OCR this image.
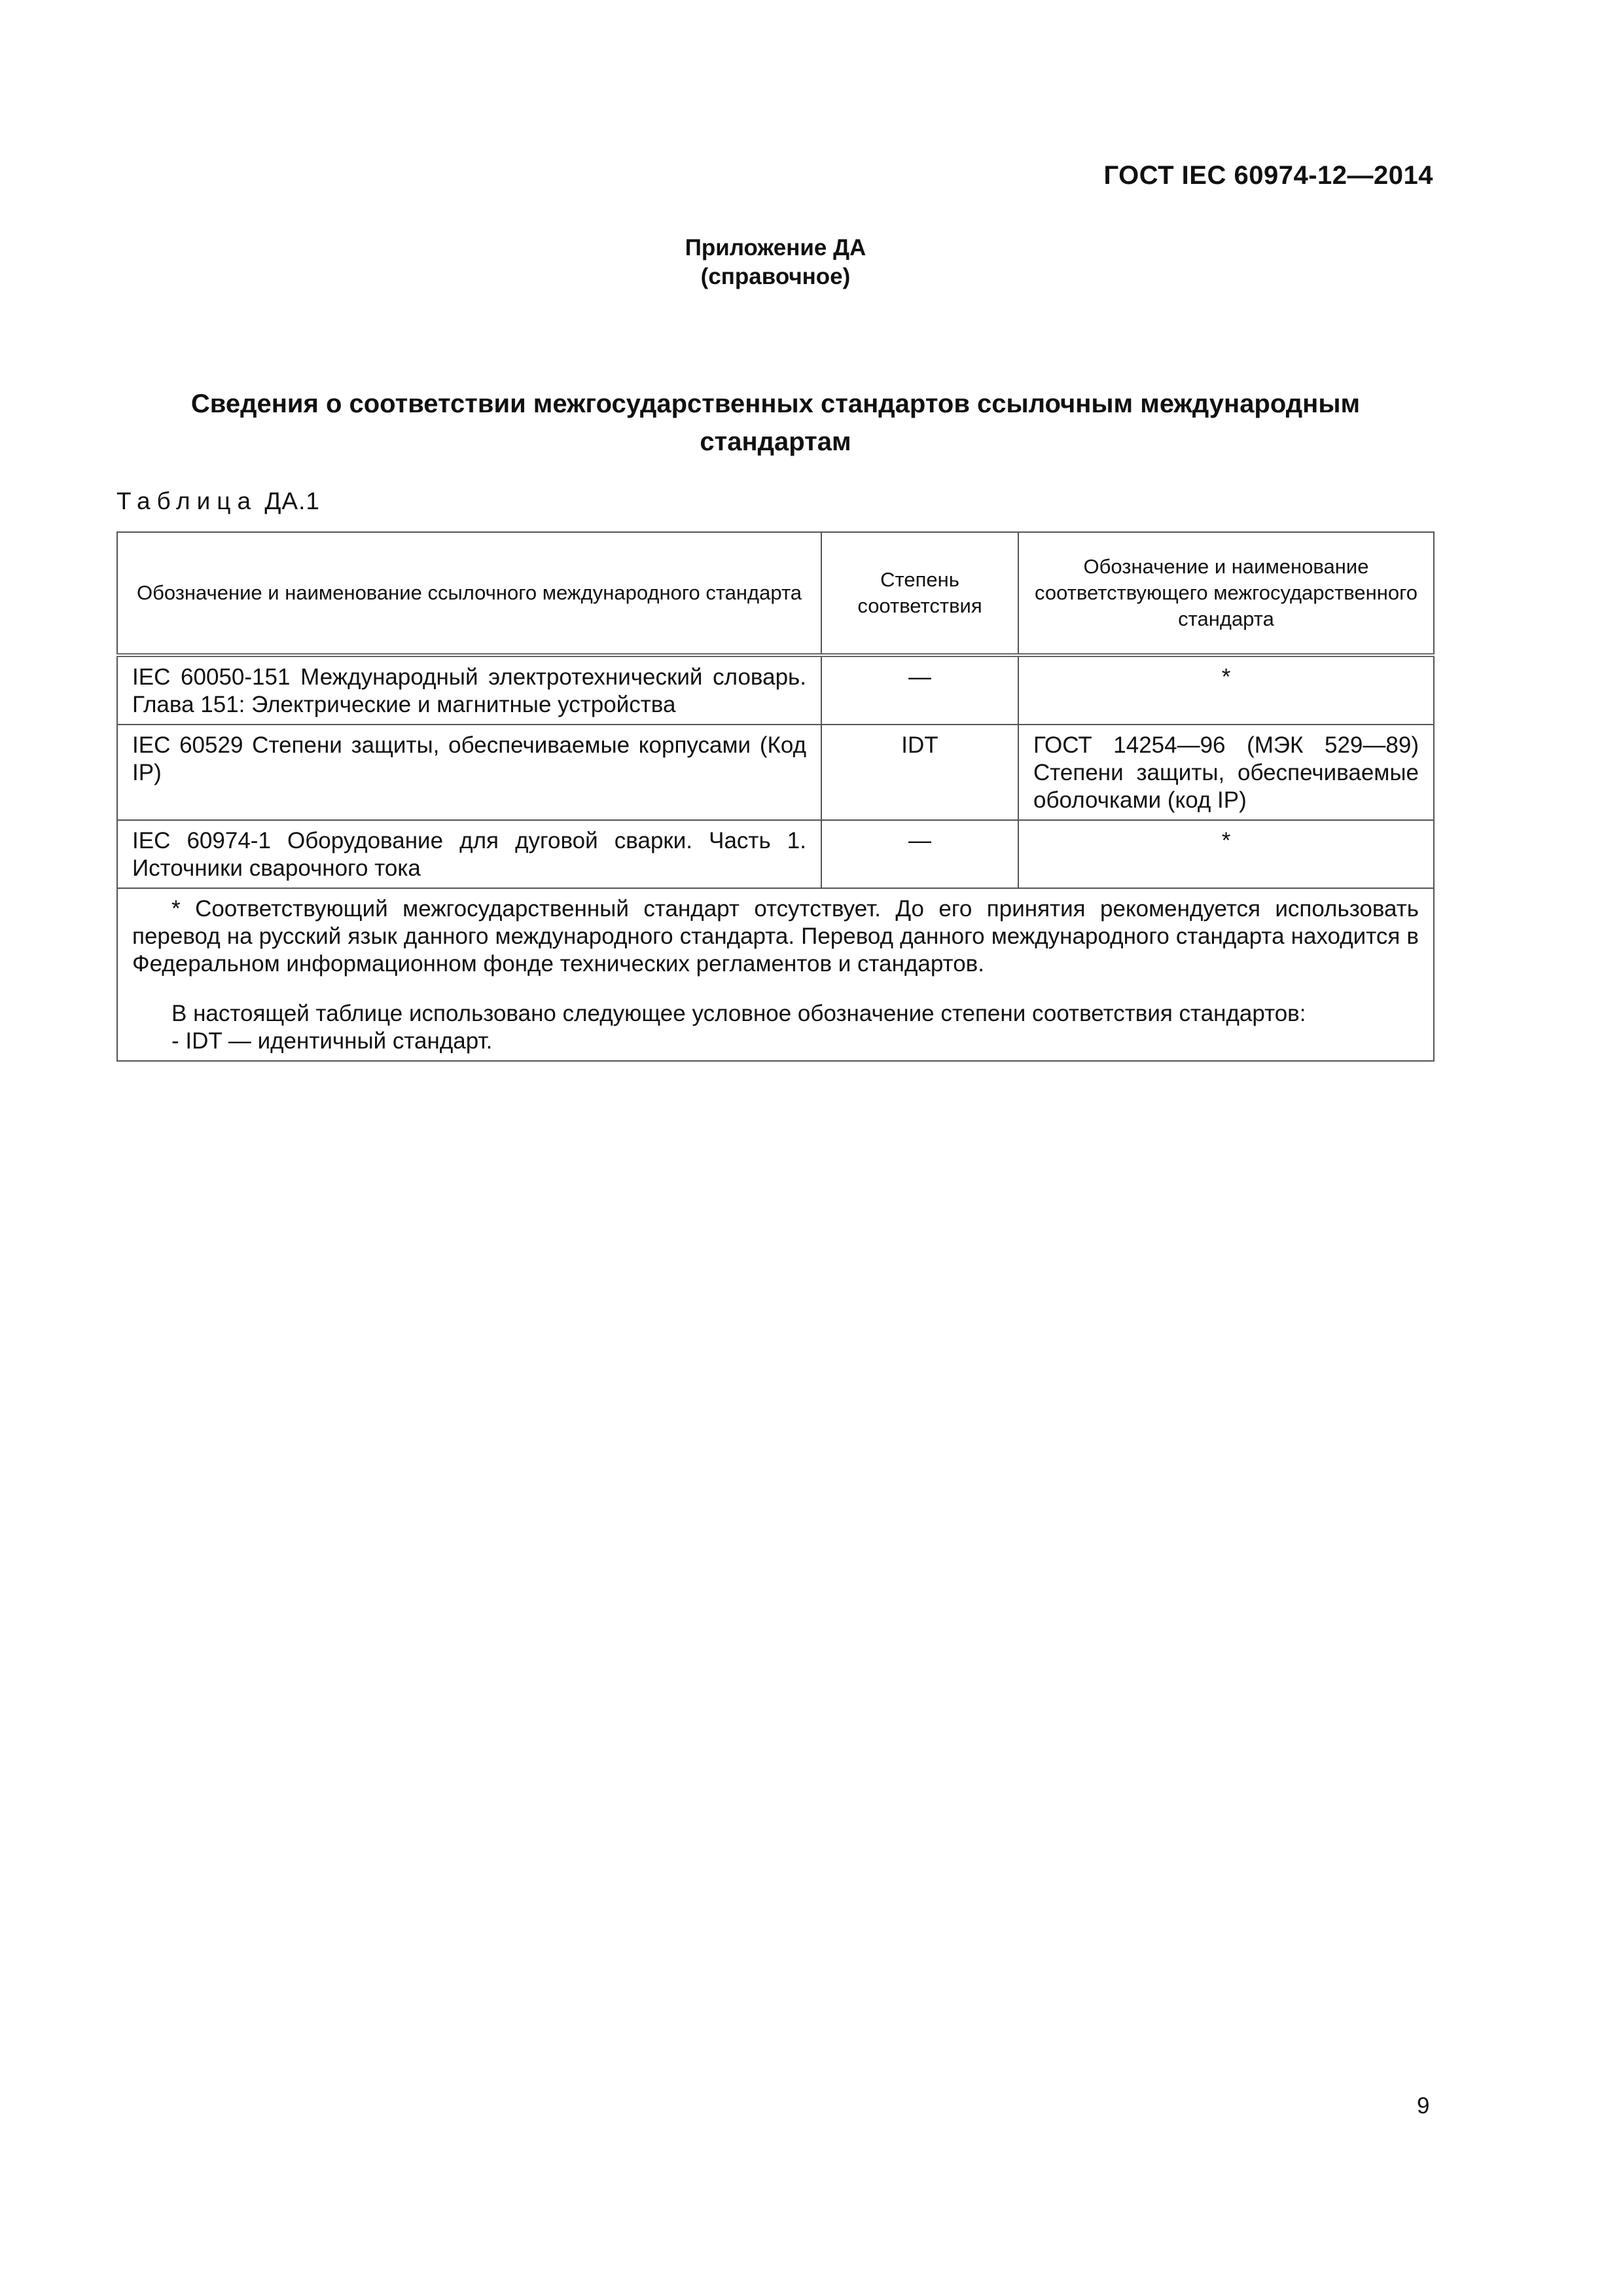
ГОСТ IEC 60974-12—2014
Приложение ДА
(справочное)
Сведения о соответствии межгосударственных стандартов ссылочным международным стандартам
Таблица ДА.1
Обозначение и наименование ссылочного международного стандарта	Степень соответствия	Обозначение и наименование соответствующего межгосударственного стандарта
IEC 60050-151 Международный электротехнический словарь. Глава 151: Электрические и магнитные устройства	—	*
IEC 60529 Степени защиты, обеспечиваемые корпусами (Код IP)	IDT	ГОСТ 14254—96 (МЭК 529—89) Степени защиты, обеспечиваемые оболочками (код IP)
IEC 60974-1 Оборудование для дуговой сварки. Часть 1. Источники сварочного тока	—	*

* Соответствующий межгосударственный стандарт отсутствует. До его принятия рекомендуется использовать перевод на русский язык данного международного стандарта. Перевод данного международного стандарта находится в Федеральном информационном фонде технических регламентов и стандартов.

В настоящей таблице использовано следующее условное обозначение степени соответствия стандартов:

- IDT — идентичный стандарт.		

9
